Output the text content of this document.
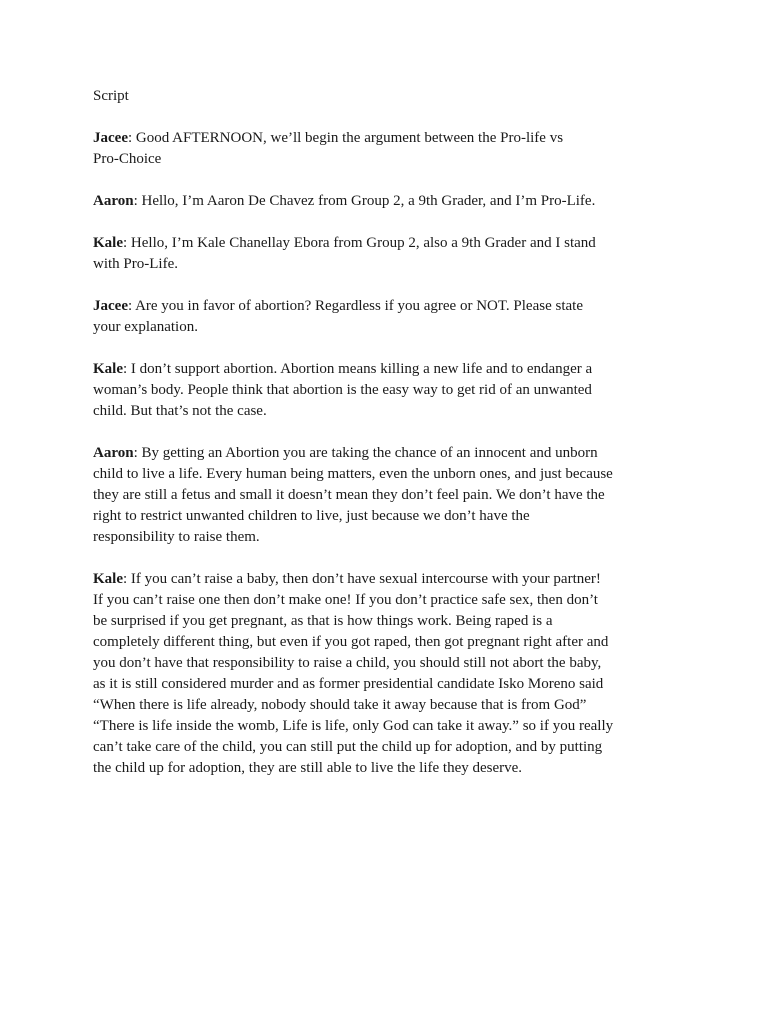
Script
Jacee: Good AFTERNOON, we’ll begin the argument between the Pro-life vs
Pro-Choice
Aaron: Hello, I’m Aaron De Chavez from Group 2, a 9th Grader, and I’m Pro-Life.
Kale: Hello, I’m Kale Chanellay Ebora from Group 2, also a 9th Grader and I stand
with Pro-Life.
Jacee: Are you in favor of abortion? Regardless if you agree or NOT. Please state
your explanation.
Kale: I don’t support abortion. Abortion means killing a new life and to endanger a
woman’s body. People think that abortion is the easy way to get rid of an unwanted
child. But that’s not the case.
Aaron: By getting an Abortion you are taking the chance of an innocent and unborn
child to live a life. Every human being matters, even the unborn ones, and just because
they are still a fetus and small it doesn’t mean they don’t feel pain. We don’t have the
right to restrict unwanted children to live, just because we don’t have the
responsibility to raise them.
Kale: If you can’t raise a baby, then don’t have sexual intercourse with your partner!
If you can’t raise one then don’t make one! If you don’t practice safe sex, then don’t
be surprised if you get pregnant, as that is how things work. Being raped is a
completely different thing, but even if you got raped, then got pregnant right after and
you don’t have that responsibility to raise a child, you should still not abort the baby,
as it is still considered murder and as former presidential candidate Isko Moreno said
“When there is life already, nobody should take it away because that is from God”
“There is life inside the womb, Life is life, only God can take it away.” so if you really
can’t take care of the child, you can still put the child up for adoption, and by putting
the child up for adoption, they are still able to live the life they deserve.
